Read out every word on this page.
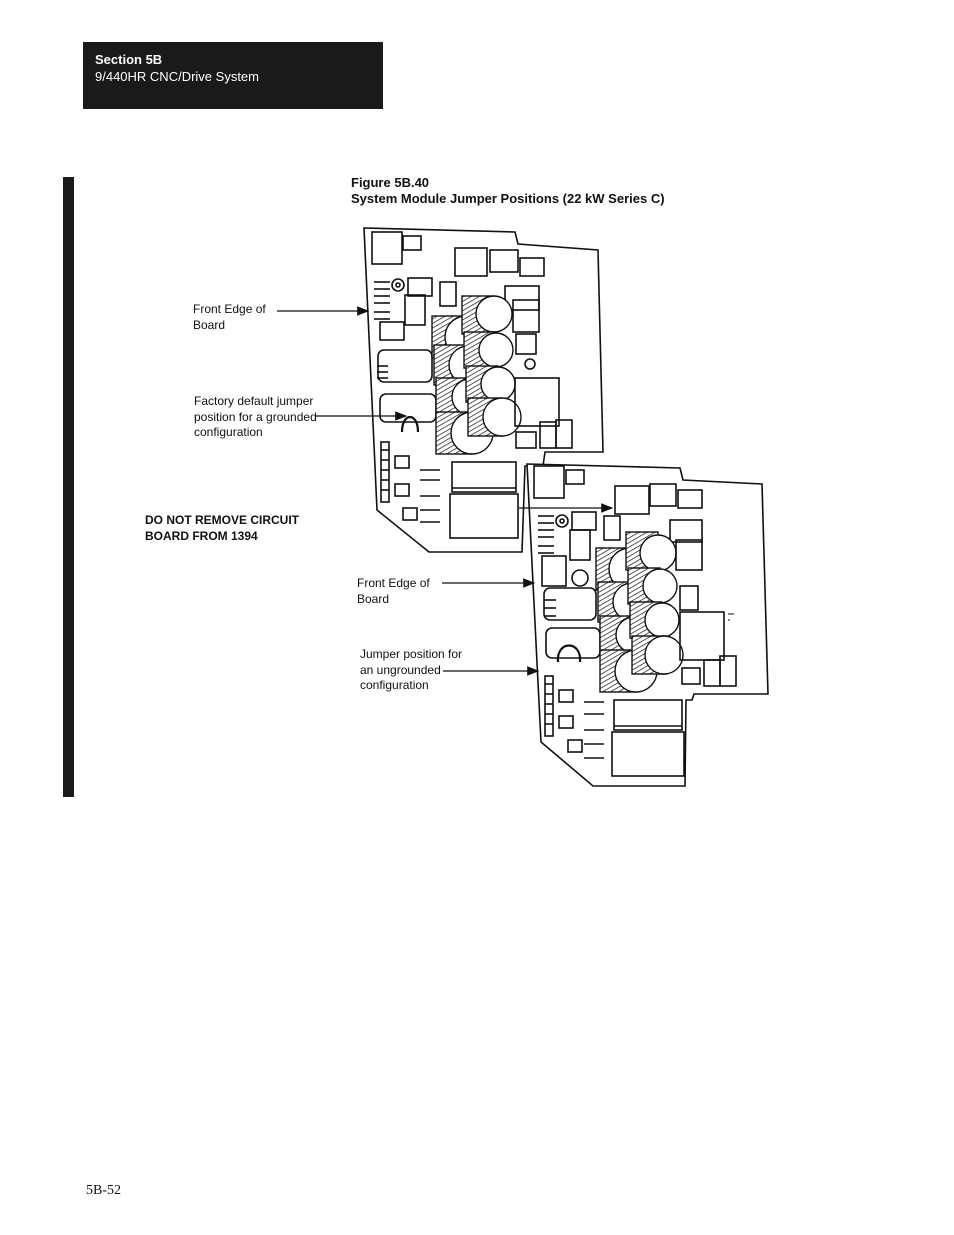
Section 5B
9/440HR CNC/Drive System
Figure 5B.40
System Module Jumper Positions (22 kW Series C)
Front Edge of
Board
Factory default jumper
position for a grounded
configuration
DO NOT REMOVE CIRCUIT
BOARD FROM 1394
Front Edge of
Board
Jumper position for
an ungrounded
configuration
5B-52
